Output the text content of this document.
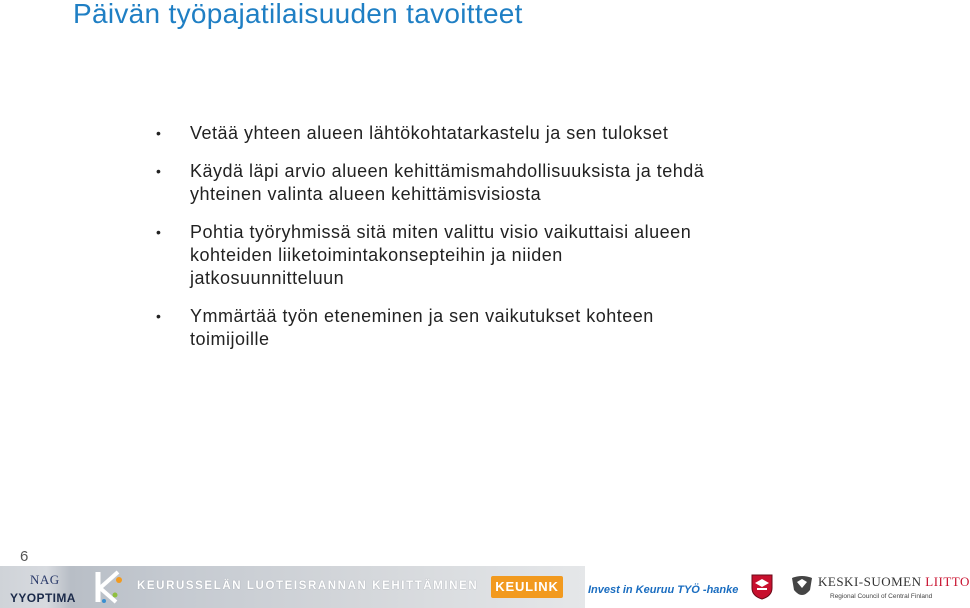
Päivän työpajatilaisuuden tavoitteet
• Vetää yhteen alueen lähtökohtatarkastelu ja sen tulokset
• Käydä läpi arvio alueen kehittämismahdollisuuksista ja tehdä
yhteinen valinta alueen kehittämisvisiosta
• Pohtia työryhmissä sitä miten valittu visio vaikuttaisi alueen
kohteiden liiketoimintakonsepteihin ja niiden
jatkosuunnitteluun
• Ymmärtää työn eteneminen ja sen vaikutukset kohteen
toimijoille
6
NAG
YYOPTIMA
KEURUSSELÄN LUOTEISRANNAN KEHITTÄMINEN	KEULINK	Invest in Keuruu TYÖ -hanke
KESKI-SUOMEN LIITTO
Regional Council of Central Finland
